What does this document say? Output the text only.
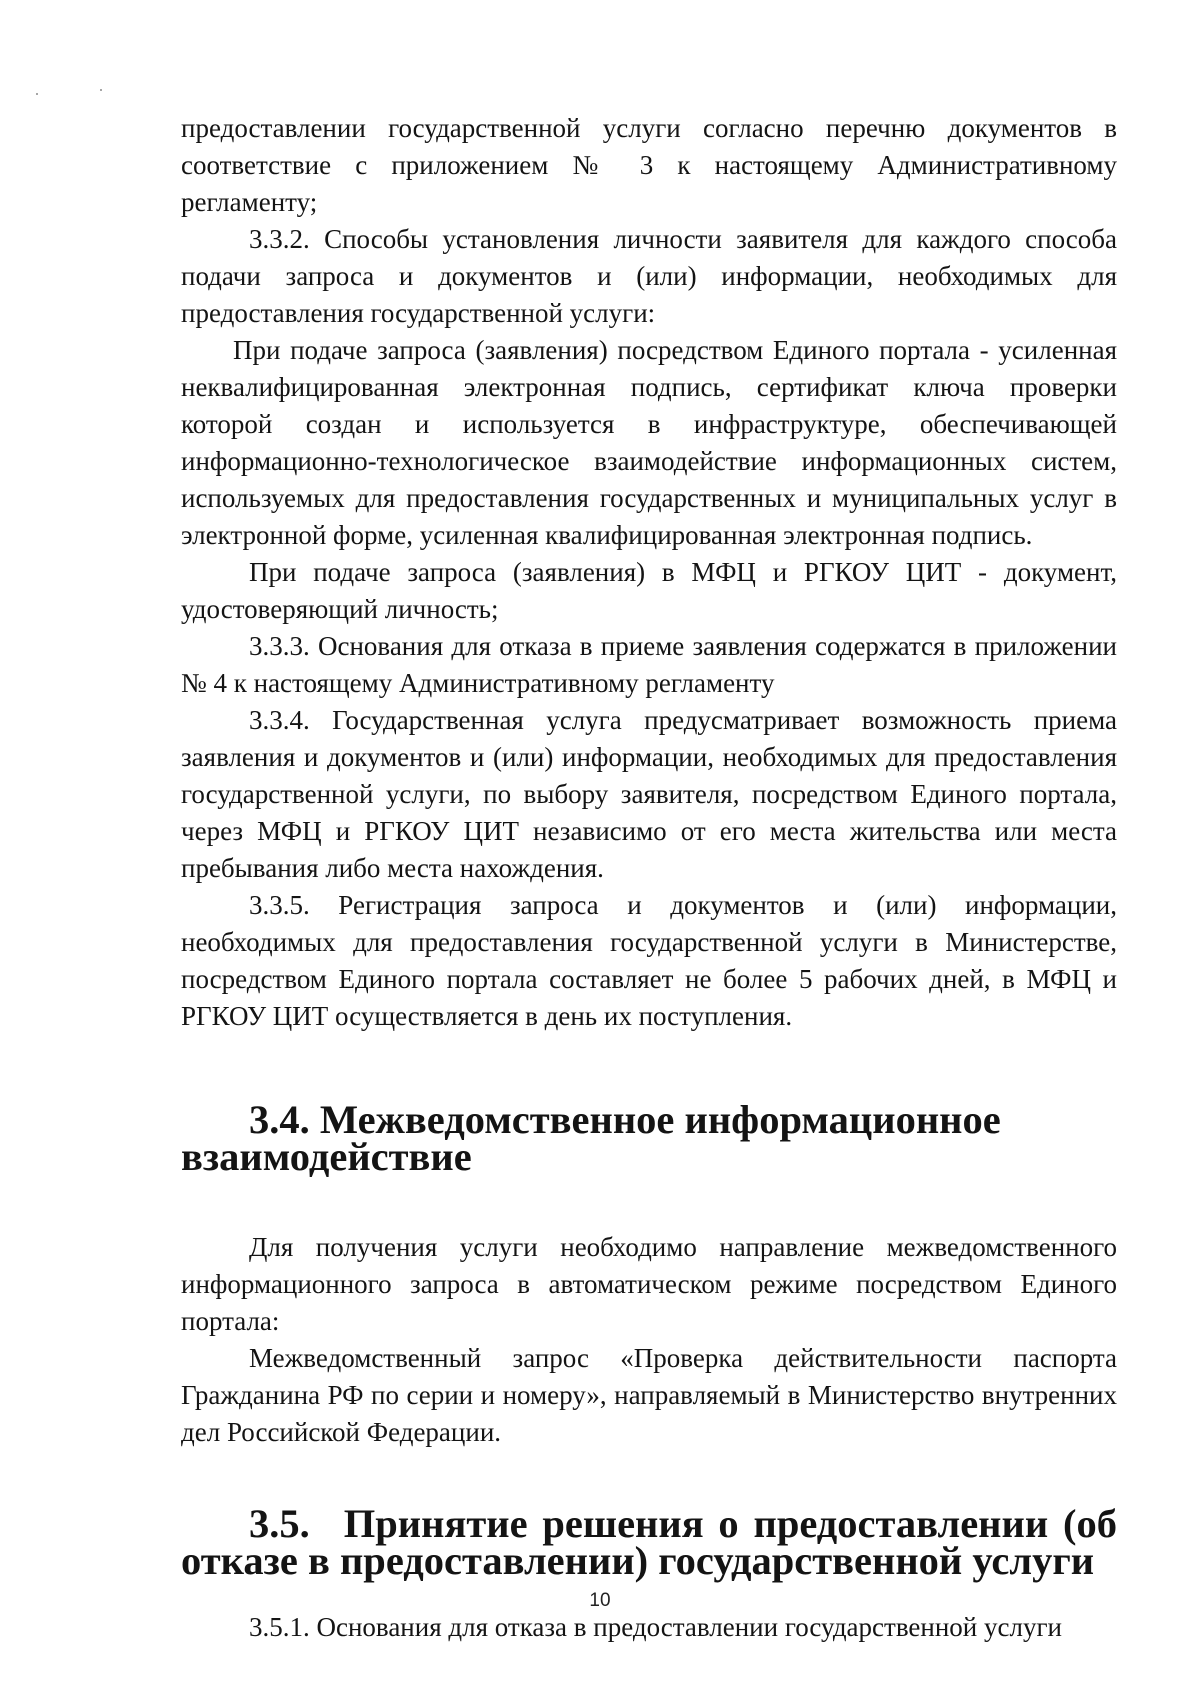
предоставлении государственной услуги согласно перечню документов в соответствие с приложением № 3 к настоящему Административному регламенту;

3.3.2. Способы установления личности заявителя для каждого способа подачи запроса и документов и (или) информации, необходимых для предоставления государственной услуги:

При подаче запроса (заявления) посредством Единого портала - усиленная неквалифицированная электронная подпись, сертификат ключа проверки которой создан и используется в инфраструктуре, обеспечивающей информационно-технологическое взаимодействие информационных систем, используемых для предоставления государственных и муниципальных услуг в электронной форме, усиленная квалифицированная электронная подпись.

При подаче запроса (заявления) в МФЦ и РГКОУ ЦИТ - документ, удостоверяющий личность;

3.3.3. Основания для отказа в приеме заявления содержатся в приложении № 4 к настоящему Административному регламенту

3.3.4. Государственная услуга предусматривает возможность приема заявления и документов и (или) информации, необходимых для предоставления государственной услуги, по выбору заявителя, посредством Единого портала, через МФЦ и РГКОУ ЦИТ независимо от его места жительства или места пребывания либо места нахождения.

3.3.5. Регистрация запроса и документов и (или) информации, необходимых для предоставления государственной услуги в Министерстве, посредством Единого портала составляет не более 5 рабочих дней, в МФЦ и РГКОУ ЦИТ осуществляется в день их поступления.

3.4. Межведомственное информационное взаимодействие

Для получения услуги необходимо направление межведомственного информационного запроса в автоматическом режиме посредством Единого портала:

Межведомственный запрос «Проверка действительности паспорта Гражданина РФ по серии и номеру», направляемый в Министерство внутренних дел Российской Федерации.

3.5. Принятие решения о предоставлении (об отказе в предоставлении) государственной услуги

3.5.1. Основания для отказа в предоставлении государственной услуги

10
